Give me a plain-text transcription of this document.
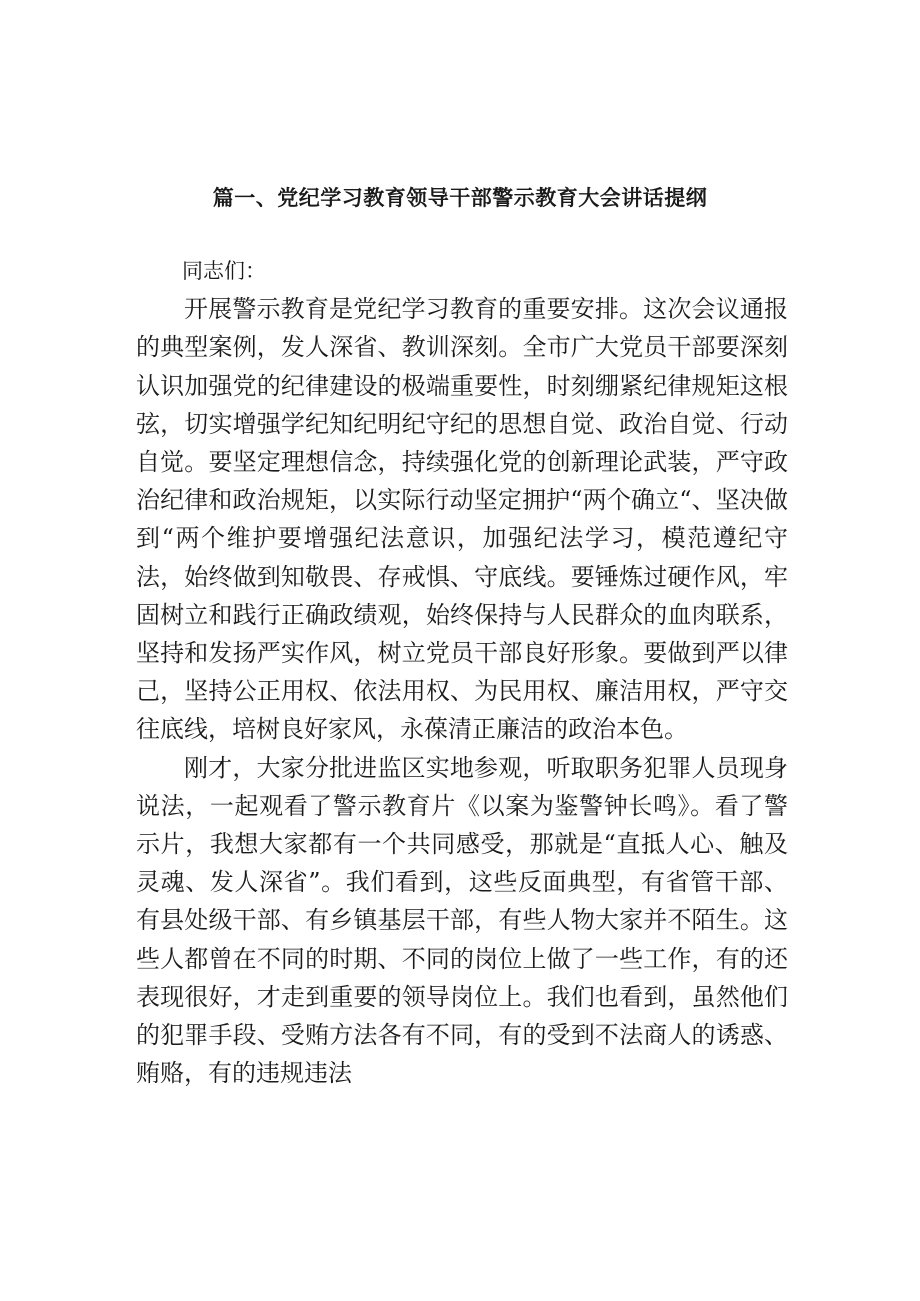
篇一、党纪学习教育领导干部警示教育大会讲话提纲

同志们：

开展警示教育是党纪学习教育的重要安排。这次会议通报的典型案例，发人深省、教训深刻。全市广大党员干部要深刻认识加强党的纪律建设的极端重要性，时刻绷紧纪律规矩这根弦，切实增强学纪知纪明纪守纪的思想自觉、政治自觉、行动自觉。要坚定理想信念，持续强化党的创新理论武装，严守政治纪律和政治规矩，以实际行动坚定拥护“两个确立“、坚决做到“两个维护要增强纪法意识，加强纪法学习，模范遵纪守法，始终做到知敬畏、存戒惧、守底线。要锤炼过硬作风，牢固树立和践行正确政绩观，始终保持与人民群众的血肉联系，坚持和发扬严实作风，树立党员干部良好形象。要做到严以律己，坚持公正用权、依法用权、为民用权、廉洁用权，严守交往底线，培树良好家风，永葆清正廉洁的政治本色。

刚才，大家分批进监区实地参观，听取职务犯罪人员现身说法，一起观看了警示教育片《以案为鉴警钟长鸣》。看了警示片，我想大家都有一个共同感受，那就是“直抵人心、触及灵魂、发人深省”。我们看到，这些反面典型，有省管干部、有县处级干部、有乡镇基层干部，有些人物大家并不陌生。这些人都曾在不同的时期、不同的岗位上做了一些工作，有的还表现很好，才走到重要的领导岗位上。我们也看到，虽然他们的犯罪手段、受贿方法各有不同，有的受到不法商人的诱惑、贿赂，有的违规违法
